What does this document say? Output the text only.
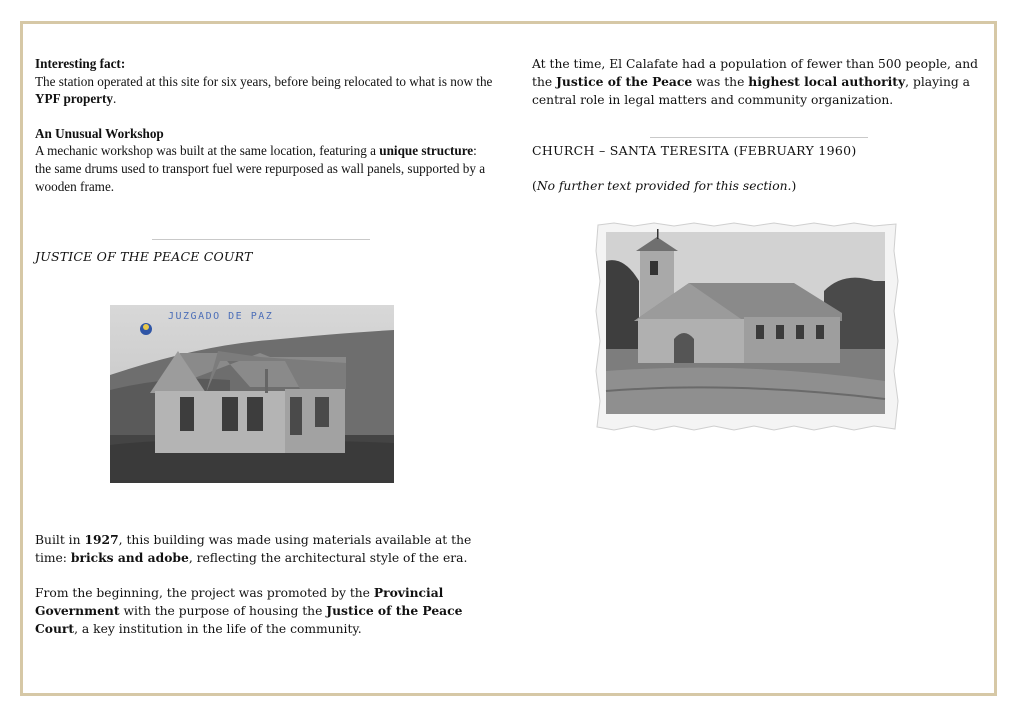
Interesting fact:

The station operated at this site for six years, before being relocated to what is now the YPF property.

An Unusual Workshop

A mechanic workshop was built at the same location, featuring a unique structure: the same drums used to transport fuel were repurposed as wall panels, supported by a wooden frame.

JUSTICE OF THE PEACE COURT
JUZGADO DE PAZ

Built in 1927, this building was made using materials available at the time: bricks and adobe, reflecting the architectural style of the era.

From the beginning, the project was promoted by the Provincial Government with the purpose of housing the Justice of the Peace Court, a key institution in the life of the community.

At the time, El Calafate had a population of fewer than 500 people, and the Justice of the Peace was the highest local authority, playing a central role in legal matters and community organization.

CHURCH – SANTA TERESITA (FEBRUARY 1960)
(No further text provided for this section.)
